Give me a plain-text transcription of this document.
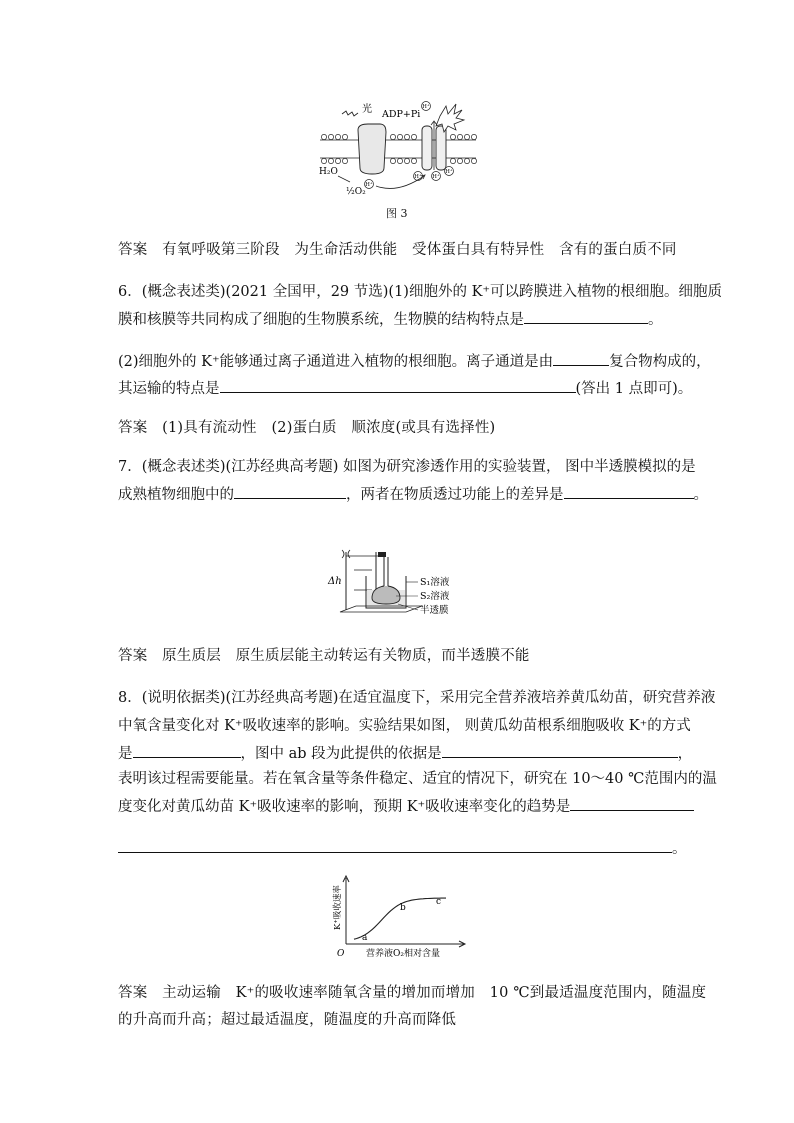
光 ADP+Pi
H₂O
½O₂
H⁺
H⁺
H⁺ H⁺
H⁺
图 3
答案　有氧呼吸第三阶段　为生命活动供能　受体蛋白具有特异性　含有的蛋白质不同
6．(概念表述类)(2021 全国甲，29 节选)(1)细胞外的 K⁺可以跨膜进入植物的根细胞。细胞质
膜和核膜等共同构成了细胞的生物膜系统，生物膜的结构特点是	。
(2)细胞外的 K⁺能够通过离子通道进入植物的根细胞。离子通道是由	复合物构成的，
其运输的特点是	(答出 1 点即可)。
答案　(1)具有流动性　(2)蛋白质　顺浓度(或具有选择性)
7．(概念表述类)(江苏经典高考题) 如图为研究渗透作用的实验装置， 图中半透膜模拟的是
成熟植物细胞中的	，两者在物质透过功能上的差异是	。
Δh	S₁溶液
S₂溶液
半透膜
答案　原生质层　原生质层能主动转运有关物质，而半透膜不能
8．(说明依据类)(江苏经典高考题)在适宜温度下，采用完全营养液培养黄瓜幼苗，研究营养液
中氧含量变化对 K⁺吸收速率的影响。实验结果如图， 则黄瓜幼苗根系细胞吸收 K⁺的方式
是	，图中 ab 段为此提供的依据是	，
表明该过程需要能量。若在氧含量等条件稳定、适宜的情况下，研究在 10～40 ℃范围内的温
度变化对黄瓜幼苗 K⁺吸收速率的影响，预期 K⁺吸收速率变化的趋势是
。
K⁺吸收速率
营养液O₂相对含量
O
a
b
c
答案　主动运输　K⁺的吸收速率随氧含量的增加而增加　10 ℃到最适温度范围内，随温度
的升高而升高；超过最适温度，随温度的升高而降低
